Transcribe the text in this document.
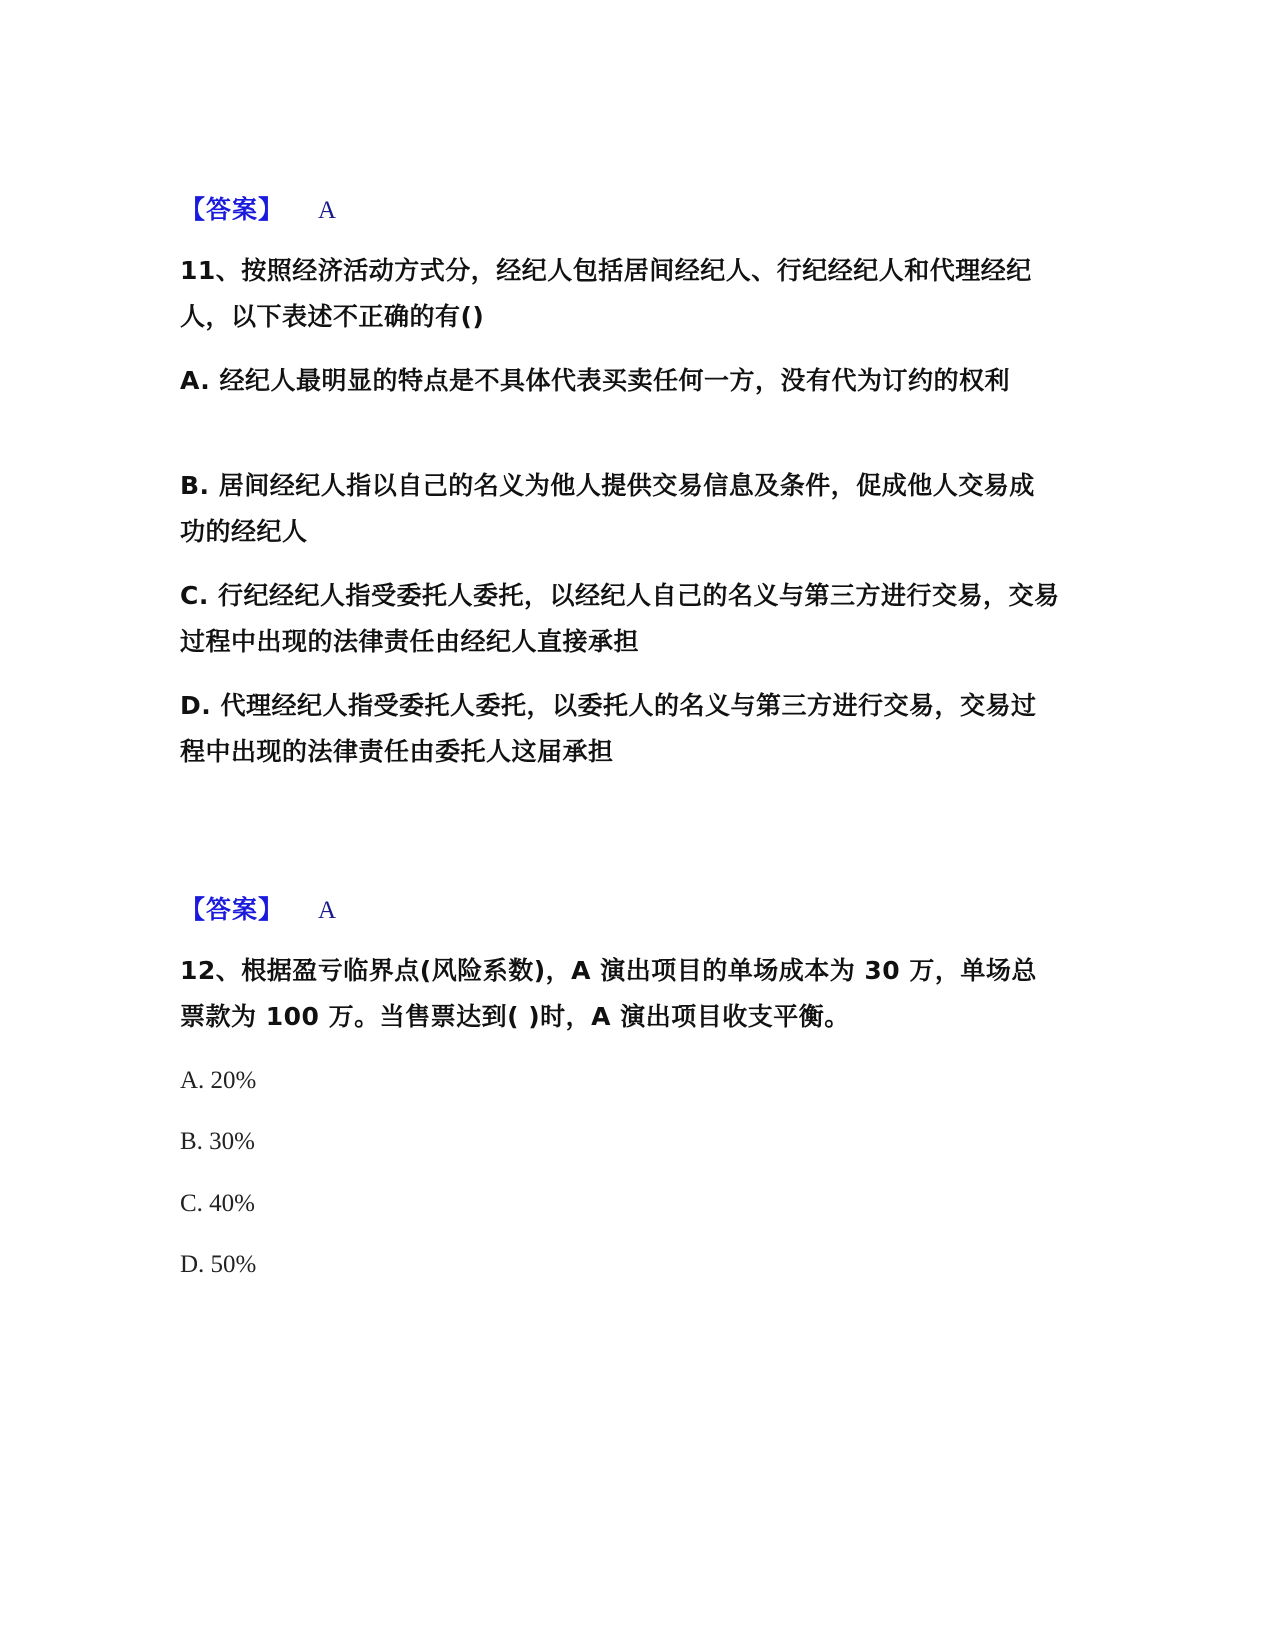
【答案】 A
11、按照经济活动方式分，经纪人包括居间经纪人、行纪经纪人和代理经纪人，以下表述不正确的有()
A. 经纪人最明显的特点是不具体代表买卖任何一方，没有代为订约的权利
B. 居间经纪人指以自己的名义为他人提供交易信息及条件，促成他人交易成功的经纪人
C. 行纪经纪人指受委托人委托，以经纪人自己的名义与第三方进行交易，交易过程中出现的法律责任由经纪人直接承担
D. 代理经纪人指受委托人委托，以委托人的名义与第三方进行交易，交易过程中出现的法律责任由委托人这届承担
【答案】 A
12、根据盈亏临界点(风险系数)，A 演出项目的单场成本为 30 万，单场总票款为 100 万。当售票达到( )时，A 演出项目收支平衡。
A. 20%
B. 30%
C. 40%
D. 50%
